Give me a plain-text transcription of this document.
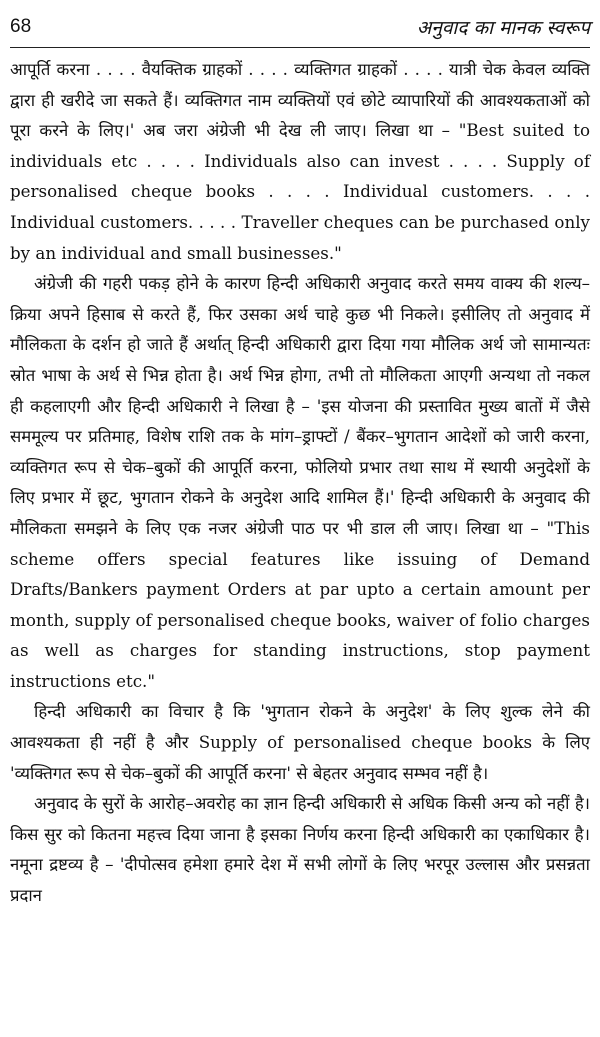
68	अनुवाद का मानक स्वरूप

आपूर्ति करना . . . . वैयक्तिक ग्राहकों . . . . व्यक्तिगत ग्राहकों . . . . यात्री चेक केवल व्यक्ति द्वारा ही खरीदे जा सकते हैं। व्यक्तिगत नाम व्यक्तियों एवं छोटे व्यापारियों की आवश्यकताओं को पूरा करने के लिए।' अब जरा अंग्रेजी भी देख ली जाए। लिखा था – "Best suited to individuals etc . . . . Individuals also can invest . . . . Supply of personalised cheque books . . . . Individual customers. . . . Individual customers. . . . . Traveller cheques can be purchased only by an individual and small businesses."

अंग्रेजी की गहरी पकड़ होने के कारण हिन्दी अधिकारी अनुवाद करते समय वाक्य की शल्य–क्रिया अपने हिसाब से करते हैं, फिर उसका अर्थ चाहे कुछ भी निकले। इसीलिए तो अनुवाद में मौलिकता के दर्शन हो जाते हैं अर्थात् हिन्दी अधिकारी द्वारा दिया गया मौलिक अर्थ जो सामान्यतः स्रोत भाषा के अर्थ से भिन्न होता है। अर्थ भिन्न होगा, तभी तो मौलिकता आएगी अन्यथा तो नकल ही कहलाएगी और हिन्दी अधिकारी ने लिखा है – 'इस योजना की प्रस्तावित मुख्य बातों में जैसे सममूल्य पर प्रतिमाह, विशेष राशि तक के मांग–ड्राफ्टों / बैंकर–भुगतान आदेशों को जारी करना, व्यक्तिगत रूप से चेक–बुकों की आपूर्ति करना, फोलियो प्रभार तथा साथ में स्थायी अनुदेशों के लिए प्रभार में छूट, भुगतान रोकने के अनुदेश आदि शामिल हैं।' हिन्दी अधिकारी के अनुवाद की मौलिकता समझने के लिए एक नजर अंग्रेजी पाठ पर भी डाल ली जाए। लिखा था – "This scheme offers special features like issuing of Demand Drafts/Bankers payment Orders at par upto a certain amount per month, supply of personalised cheque books, waiver of folio charges as well as charges for standing instructions, stop payment instructions etc."

हिन्दी अधिकारी का विचार है कि 'भुगतान रोकने के अनुदेश' के लिए शुल्क लेने की आवश्यकता ही नहीं है और Supply of personalised cheque books के लिए 'व्यक्तिगत रूप से चेक–बुकों की आपूर्ति करना' से बेहतर अनुवाद सम्भव नहीं है।

अनुवाद के सुरों के आरोह–अवरोह का ज्ञान हिन्दी अधिकारी से अधिक किसी अन्य को नहीं है। किस सुर को कितना महत्त्व दिया जाना है इसका निर्णय करना हिन्दी अधिकारी का एकाधिकार है। नमूना द्रष्टव्य है – 'दीपोत्सव हमेशा हमारे देश में सभी लोगों के लिए भरपूर उल्लास और प्रसन्नता प्रदान
